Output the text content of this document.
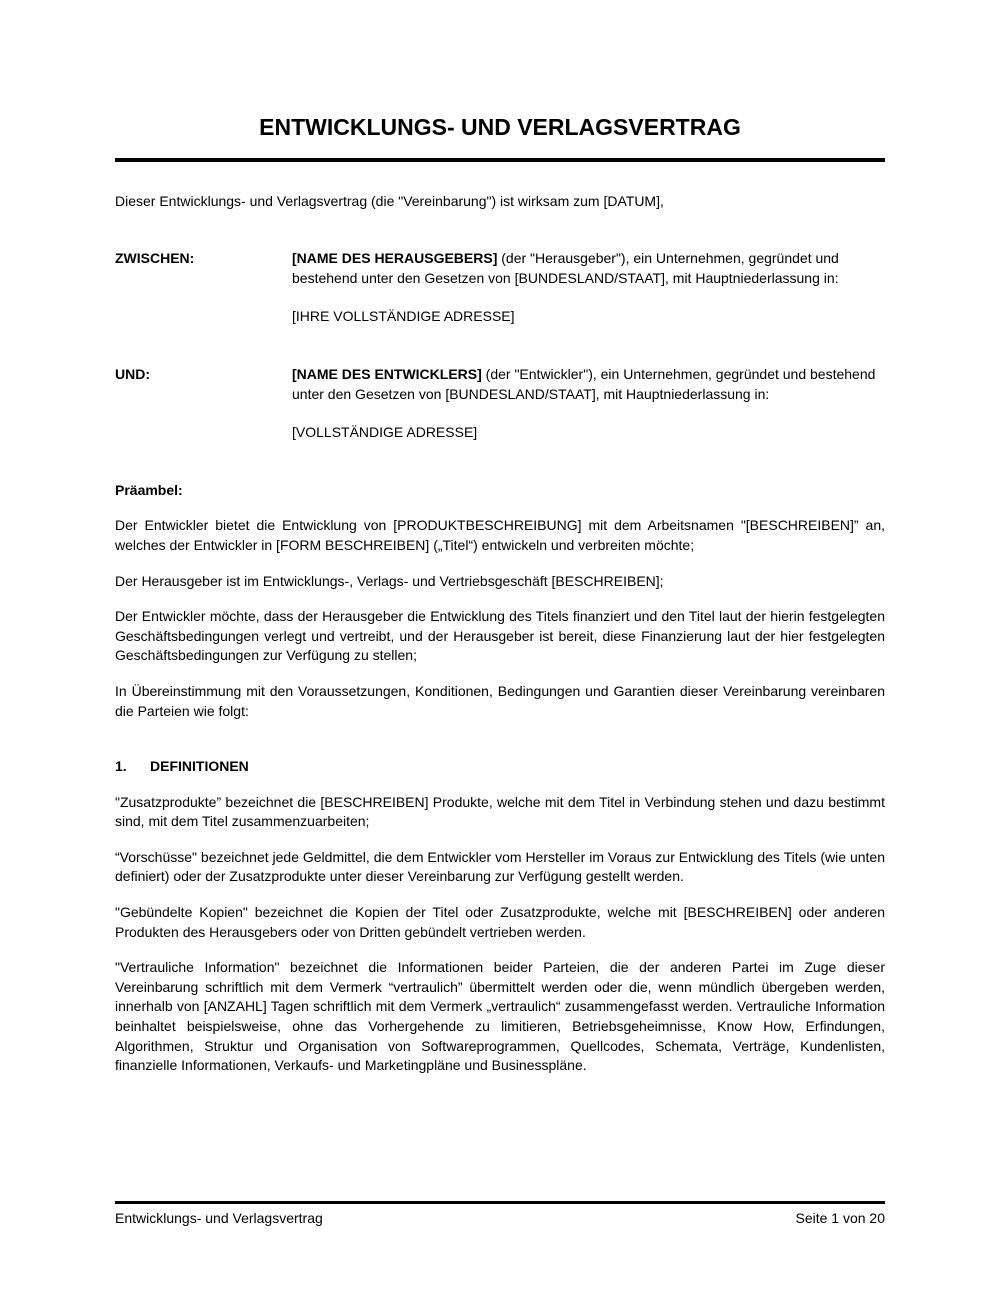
ENTWICKLUNGS- UND VERLAGSVERTRAG

Dieser Entwicklungs- und Verlagsvertrag (die "Vereinbarung") ist wirksam zum [DATUM],

ZWISCHEN:	[NAME DES HERAUSGEBERS] (der "Herausgeber"), ein Unternehmen, gegründet und bestehend unter den Gesetzen von [BUNDESLAND/STAAT], mit Hauptniederlassung in:

[IHRE VOLLSTÄNDIGE ADRESSE]

UND:	[NAME DES ENTWICKLERS] (der "Entwickler"), ein Unternehmen, gegründet und bestehend unter den Gesetzen von [BUNDESLAND/STAAT], mit Hauptniederlassung in:

[VOLLSTÄNDIGE ADRESSE]

Präambel:

Der Entwickler bietet die Entwicklung von [PRODUKTBESCHREIBUNG] mit dem Arbeitsnamen "[BESCHREIBEN]” an, welches der Entwickler in [FORM BESCHREIBEN] („Titel“) entwickeln und verbreiten möchte;

Der Herausgeber ist im Entwicklungs-, Verlags- und Vertriebsgeschäft [BESCHREIBEN];

Der Entwickler möchte, dass der Herausgeber die Entwicklung des Titels finanziert und den Titel laut der hierin festgelegten Geschäftsbedingungen verlegt und vertreibt, und der Herausgeber ist bereit, diese Finanzierung laut der hier festgelegten Geschäftsbedingungen zur Verfügung zu stellen;

In Übereinstimmung mit den Voraussetzungen, Konditionen, Bedingungen und Garantien dieser Vereinbarung vereinbaren die Parteien wie folgt:

1. DEFINITIONEN

"Zusatzprodukte” bezeichnet die [BESCHREIBEN] Produkte, welche mit dem Titel in Verbindung stehen und dazu bestimmt sind, mit dem Titel zusammenzuarbeiten;

“Vorschüsse" bezeichnet jede Geldmittel, die dem Entwickler vom Hersteller im Voraus zur Entwicklung des Titels (wie unten definiert) oder der Zusatzprodukte unter dieser Vereinbarung zur Verfügung gestellt werden.

"Gebündelte Kopien" bezeichnet die Kopien der Titel oder Zusatzprodukte, welche mit [BESCHREIBEN] oder anderen Produkten des Herausgebers oder von Dritten gebündelt vertrieben werden.

"Vertrauliche Information" bezeichnet die Informationen beider Parteien, die der anderen Partei im Zuge dieser Vereinbarung schriftlich mit dem Vermerk “vertraulich” übermittelt werden oder die, wenn mündlich übergeben werden, innerhalb von [ANZAHL] Tagen schriftlich mit dem Vermerk „vertraulich“ zusammengefasst werden. Vertrauliche Information beinhaltet beispielsweise, ohne das Vorhergehende zu limitieren, Betriebsgeheimnisse, Know How, Erfindungen, Algorithmen, Struktur und Organisation von Softwareprogrammen, Quellcodes, Schemata, Verträge, Kundenlisten, finanzielle Informationen, Verkaufs- und Marketingpläne und Businesspläne.

Entwicklungs- und Verlagsvertrag	Seite 1 von 20
